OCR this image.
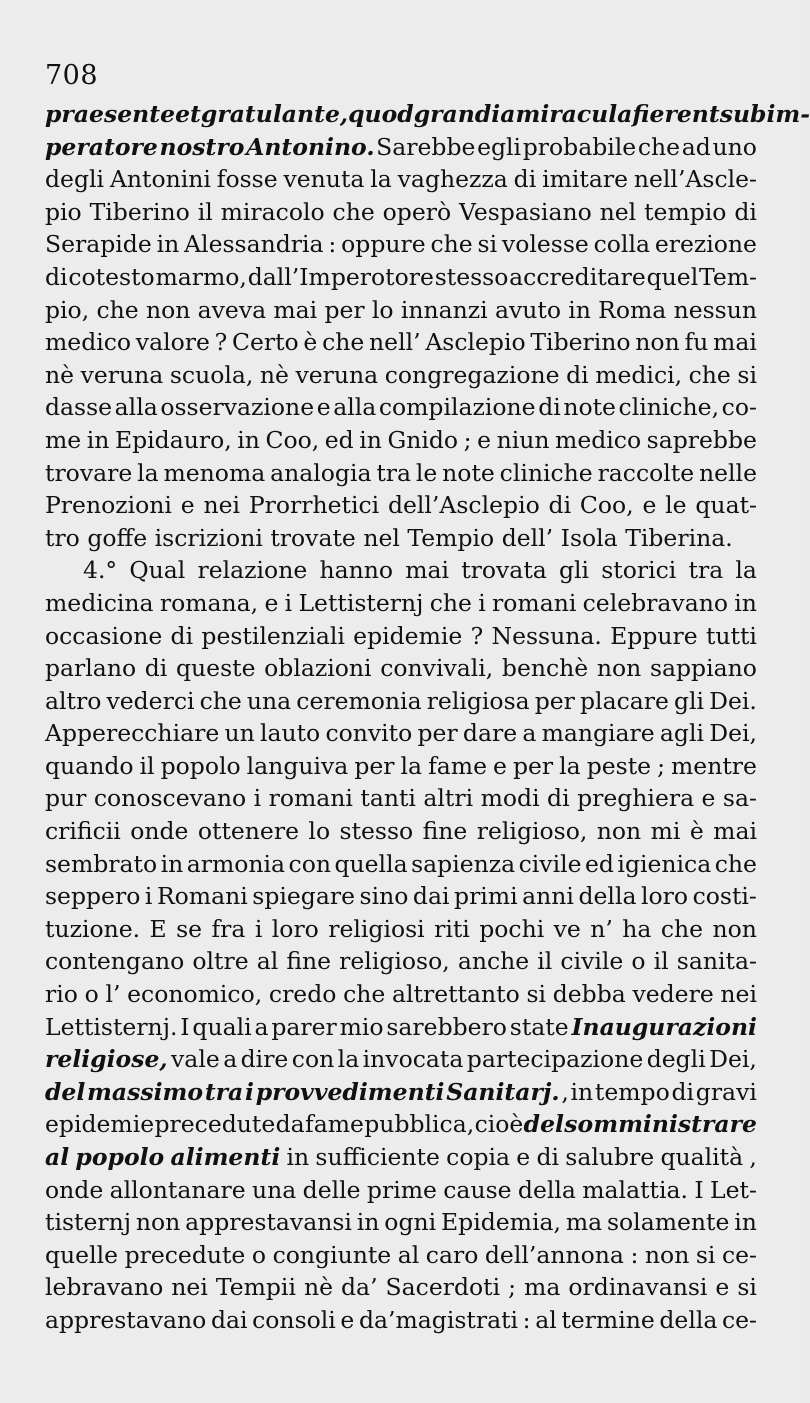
708
praesente et gratulante, quod grandia miracula fierent sub im-
peratore nostro Antonino. Sarebbe egli probabile che ad uno
degli Antonini fosse venuta la vaghezza di imitare nell’Ascle-
pio Tiberino il miracolo che operò Vespasiano nel tempio di
Serapide in Alessandria : oppure che si volesse colla erezione
di cotesto marmo, dall’Imperotore stesso accreditare quel Tem-
pio, che non aveva mai per lo innanzi avuto in Roma nessun
medico valore ? Certo è che nell’ Asclepio Tiberino non fu mai
nè veruna scuola, nè veruna congregazione di medici, che si
dasse alla osservazione e alla compilazione di note cliniche, co-
me in Epidauro, in Coo, ed in Gnido ; e niun medico saprebbe
trovare la menoma analogia tra le note cliniche raccolte nelle
Prenozioni e nei Prorrhetici dell’Asclepio di Coo, e le quat-
tro goffe iscrizioni trovate nel Tempio dell’ Isola Tiberina.
4.° Qual relazione hanno mai trovata gli storici tra la
medicina romana, e i Lettisternj che i romani celebravano in
occasione di pestilenziali epidemie ? Nessuna. Eppure tutti
parlano di queste oblazioni convivali, benchè non sappiano
altro vederci che una ceremonia religiosa per placare gli Dei.
Apperecchiare un lauto convito per dare a mangiare agli Dei,
quando il popolo languiva per la fame e per la peste ; mentre
pur conoscevano i romani tanti altri modi di preghiera e sa-
crificii onde ottenere lo stesso fine religioso, non mi è mai
sembrato in armonia con quella sapienza civile ed igienica che
seppero i Romani spiegare sino dai primi anni della loro costi-
tuzione. E se fra i loro religiosi riti pochi ve n’ ha che non
contengano oltre al fine religioso, anche il civile o il sanita-
rio o l’ economico, credo che altrettanto si debba vedere nei
Lettisternj. I quali a parer mio sarebbero state Inaugurazioni
religiose, vale a dire con la invocata partecipazione degli Dei,
del massimo tra i provvedimenti Sanitarj. , in tempo di gravi
epidemie precedute da fame pubblica, cioè del somministrare
al popolo alimenti in sufficiente copia e di salubre qualità ,
onde allontanare una delle prime cause della malattia. I Let-
tisternj non apprestavansi in ogni Epidemia, ma solamente in
quelle precedute o congiunte al caro dell’annona : non si ce-
lebravano nei Tempii nè da’ Sacerdoti ; ma ordinavansi e si
apprestavano dai consoli e da’magistrati : al termine della ce-
